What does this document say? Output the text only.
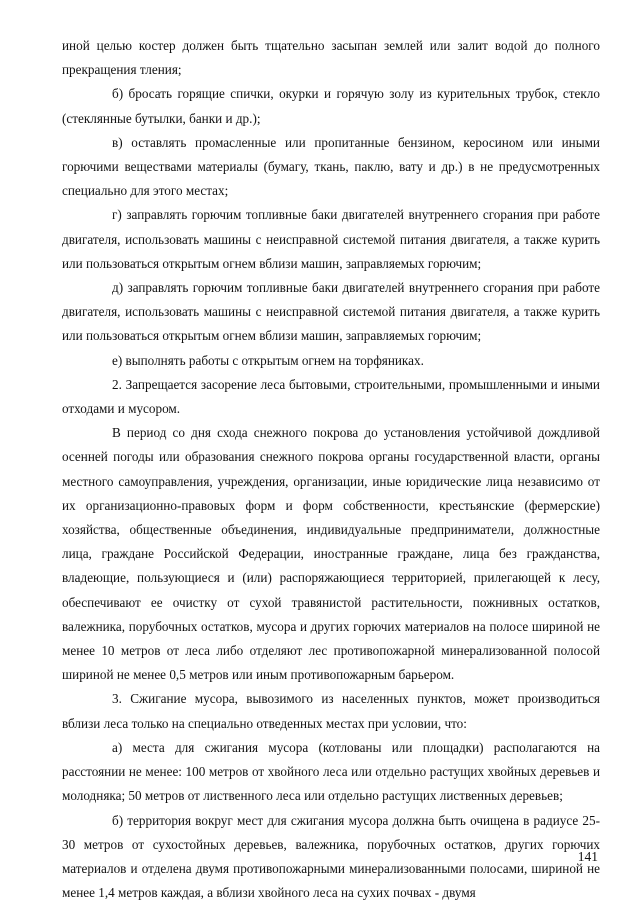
иной целью костер должен быть тщательно засыпан землей или залит водой до полного прекращения тления;

б) бросать горящие спички, окурки и горячую золу из курительных трубок, стекло (стеклянные бутылки, банки и др.);

в) оставлять промасленные или пропитанные бензином, керосином или иными горючими веществами материалы (бумагу, ткань, паклю, вату и др.) в не предусмотренных специально для этого местах;

г) заправлять горючим топливные баки двигателей внутреннего сгорания при работе двигателя, использовать машины с неисправной системой питания двигателя, а также курить или пользоваться открытым огнем вблизи машин, заправляемых горючим;

д) заправлять горючим топливные баки двигателей внутреннего сгорания при работе двигателя, использовать машины с неисправной системой питания двигателя, а также курить или пользоваться открытым огнем вблизи машин, заправляемых горючим;

е) выполнять работы с открытым огнем на торфяниках.

2. Запрещается засорение леса бытовыми, строительными, промышленными и иными отходами и мусором.

В период со дня схода снежного покрова до установления устойчивой дождливой осенней погоды или образования снежного покрова органы государственной власти, органы местного самоуправления, учреждения, организации, иные юридические лица независимо от их организационно-правовых форм и форм собственности, крестьянские (фермерские) хозяйства, общественные объединения, индивидуальные предприниматели, должностные лица, граждане Российской Федерации, иностранные граждане, лица без гражданства, владеющие, пользующиеся и (или) распоряжающиеся территорией, прилегающей к лесу, обеспечивают ее очистку от сухой травянистой растительности, пожнивных остатков, валежника, порубочных остатков, мусора и других горючих материалов на полосе шириной не менее 10 метров от леса либо отделяют лес противопожарной минерализованной полосой шириной не менее 0,5 метров или иным противопожарным барьером.

3. Сжигание мусора, вывозимого из населенных пунктов, может производиться вблизи леса только на специально отведенных местах при условии, что:

а) места для сжигания мусора (котлованы или площадки) располагаются на расстоянии не менее: 100 метров от хвойного леса или отдельно растущих хвойных деревьев и молодняка; 50 метров от лиственного леса или отдельно растущих лиственных деревьев;

б) территория вокруг мест для сжигания мусора должна быть очищена в радиусе 25-30 метров от сухостойных деревьев, валежника, порубочных остатков, других горючих материалов и отделена двумя противопожарными минерализованными полосами, шириной не менее 1,4 метров каждая, а вблизи хвойного леса на сухих почвах - двумя

141
